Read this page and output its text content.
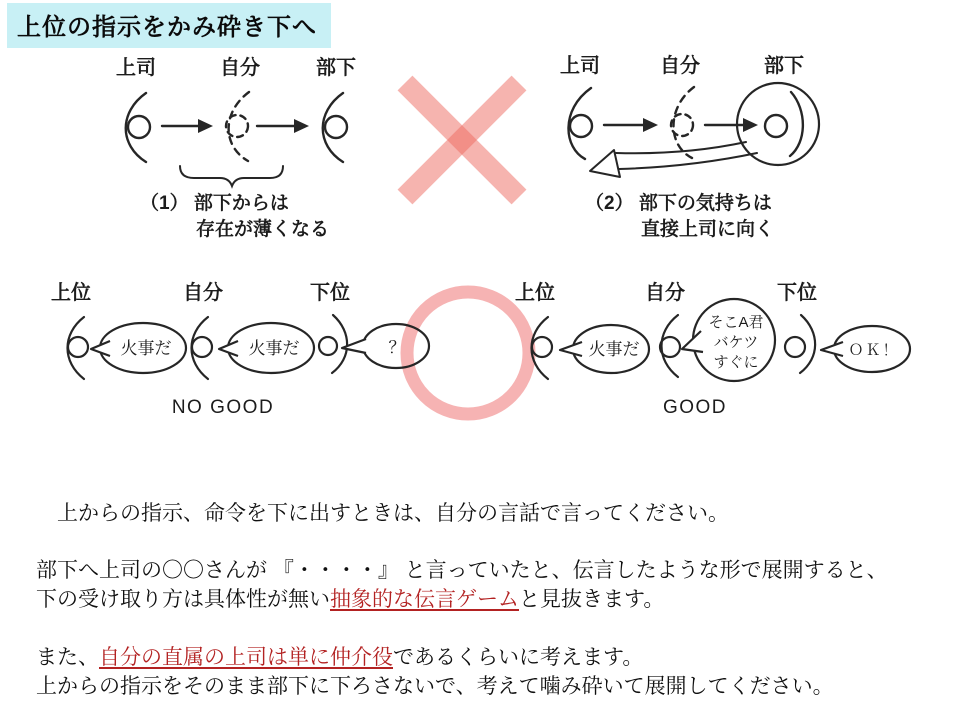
上位の指示をかみ砕き下へ
上司	自分	部下
（1） 部下からは
存在が薄くなる
上司	自分	部下
（2） 部下の気持ちは
直接上司に向く
上位	自分	下位
火事だ	火事だ	？
NO GOOD
上位	自分	下位
火事だ
そこA君
バケツ
すぐに
ＯＫ！
GOOD
　上からの指示、命令を下に出すときは、自分の言話で言ってください。
部下へ上司の〇〇さんが 『・・・・』 と言っていたと、伝言したような形で展開すると、
下の受け取り方は具体性が無い抽象的な伝言ゲームと見抜きます。
また、自分の直属の上司は単に仲介役であるくらいに考えます。
上からの指示をそのまま部下に下ろさないで、考えて噛み砕いて展開してください。
